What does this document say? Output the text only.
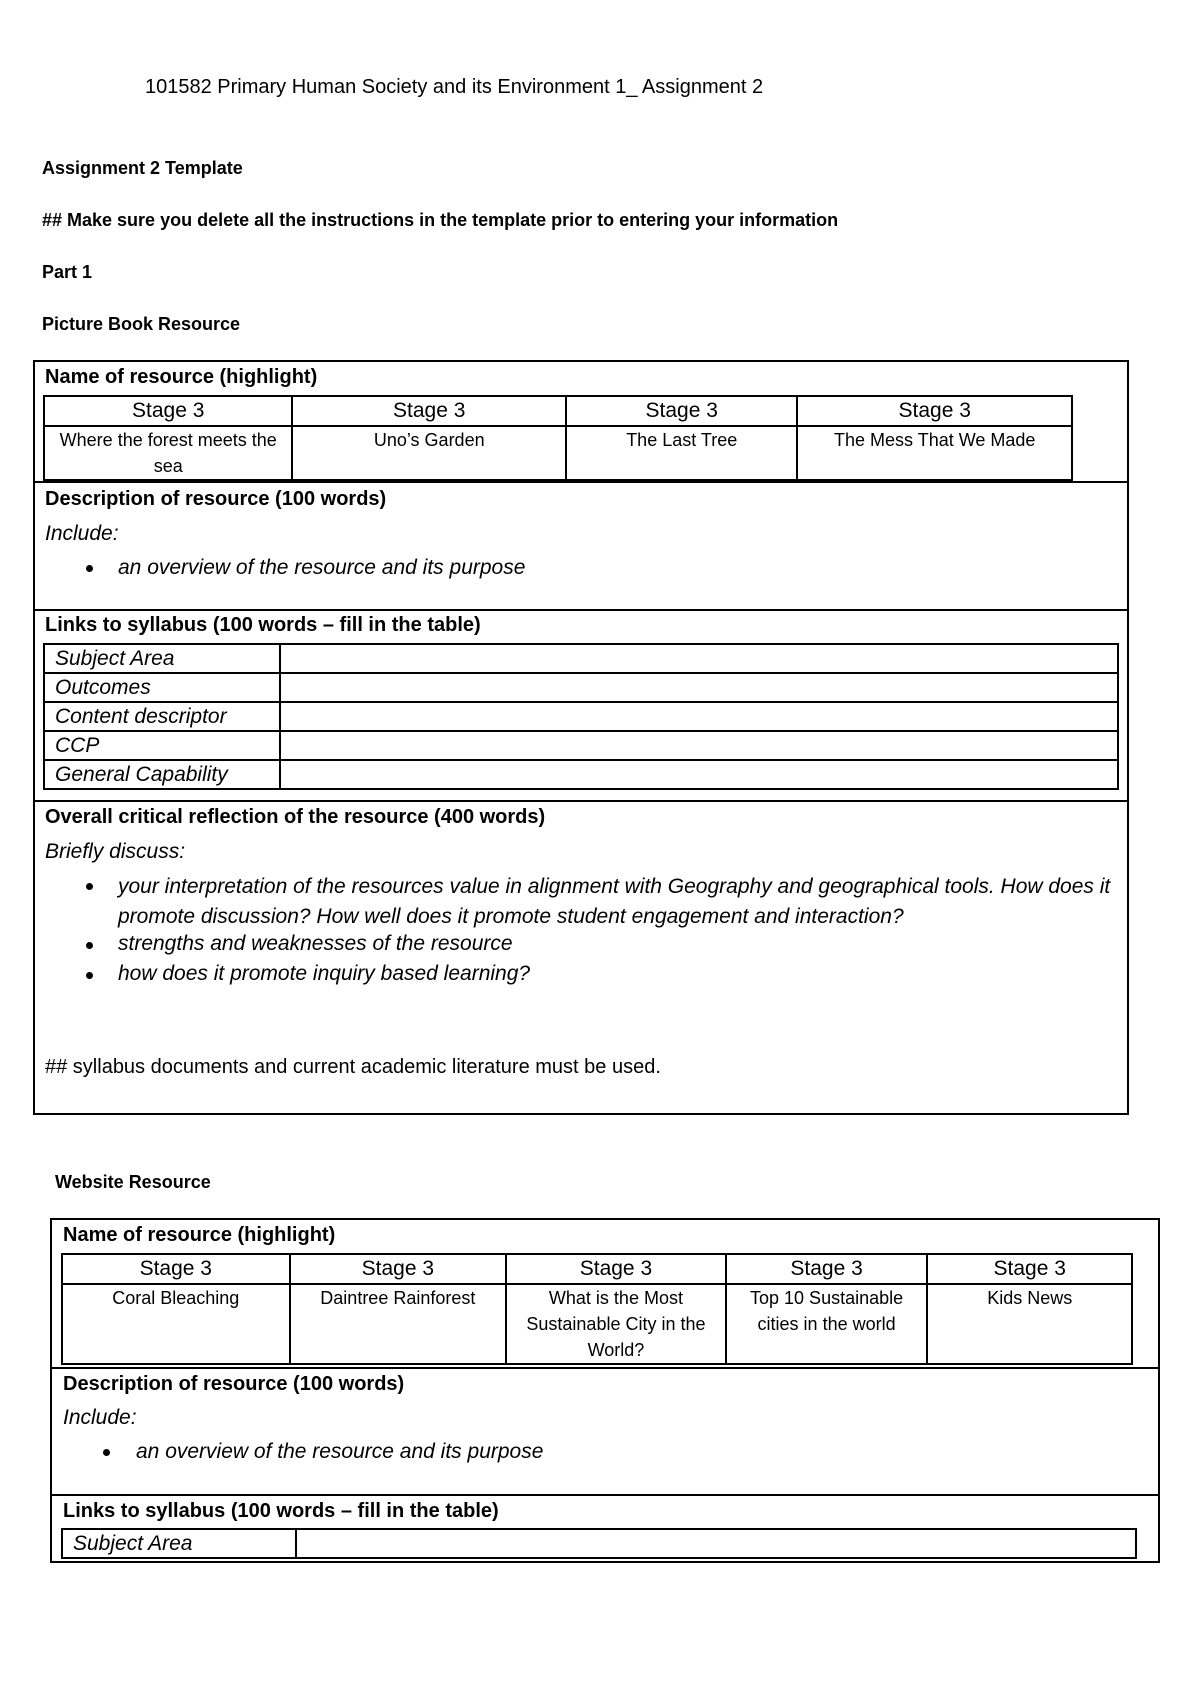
101582 Primary Human Society and its Environment 1_ Assignment 2
Assignment 2 Template
## Make sure you delete all the instructions in the template prior to entering your information
Part 1
Picture Book Resource
Name of resource (highlight)
Stage 3	Stage 3	Stage 3	Stage 3
Where the forest meets the sea	Uno’s Garden	The Last Tree	The Mess That We Made
Description of resource (100 words)
Include:
an overview of the resource and its purpose
Links to syllabus (100 words – fill in the table)
Subject Area	
Outcomes	
Content descriptor	
CCP	
General Capability	
Overall critical reflection of the resource (400 words)
Briefly discuss:
your interpretation of the resources value in alignment with Geography and geographical tools. How does it promote discussion? How well does it promote student engagement and interaction?
strengths and weaknesses of the resource
how does it promote inquiry based learning?
## syllabus documents and current academic literature must be used.
Website Resource
Name of resource (highlight)
Stage 3	Stage 3	Stage 3	Stage 3	Stage 3
Coral Bleaching	Daintree Rainforest	What is the Most Sustainable City in the World?	Top 10 Sustainable cities in the world	Kids News
Description of resource (100 words)
Include:
an overview of the resource and its purpose
Links to syllabus (100 words – fill in the table)
Subject Area	
